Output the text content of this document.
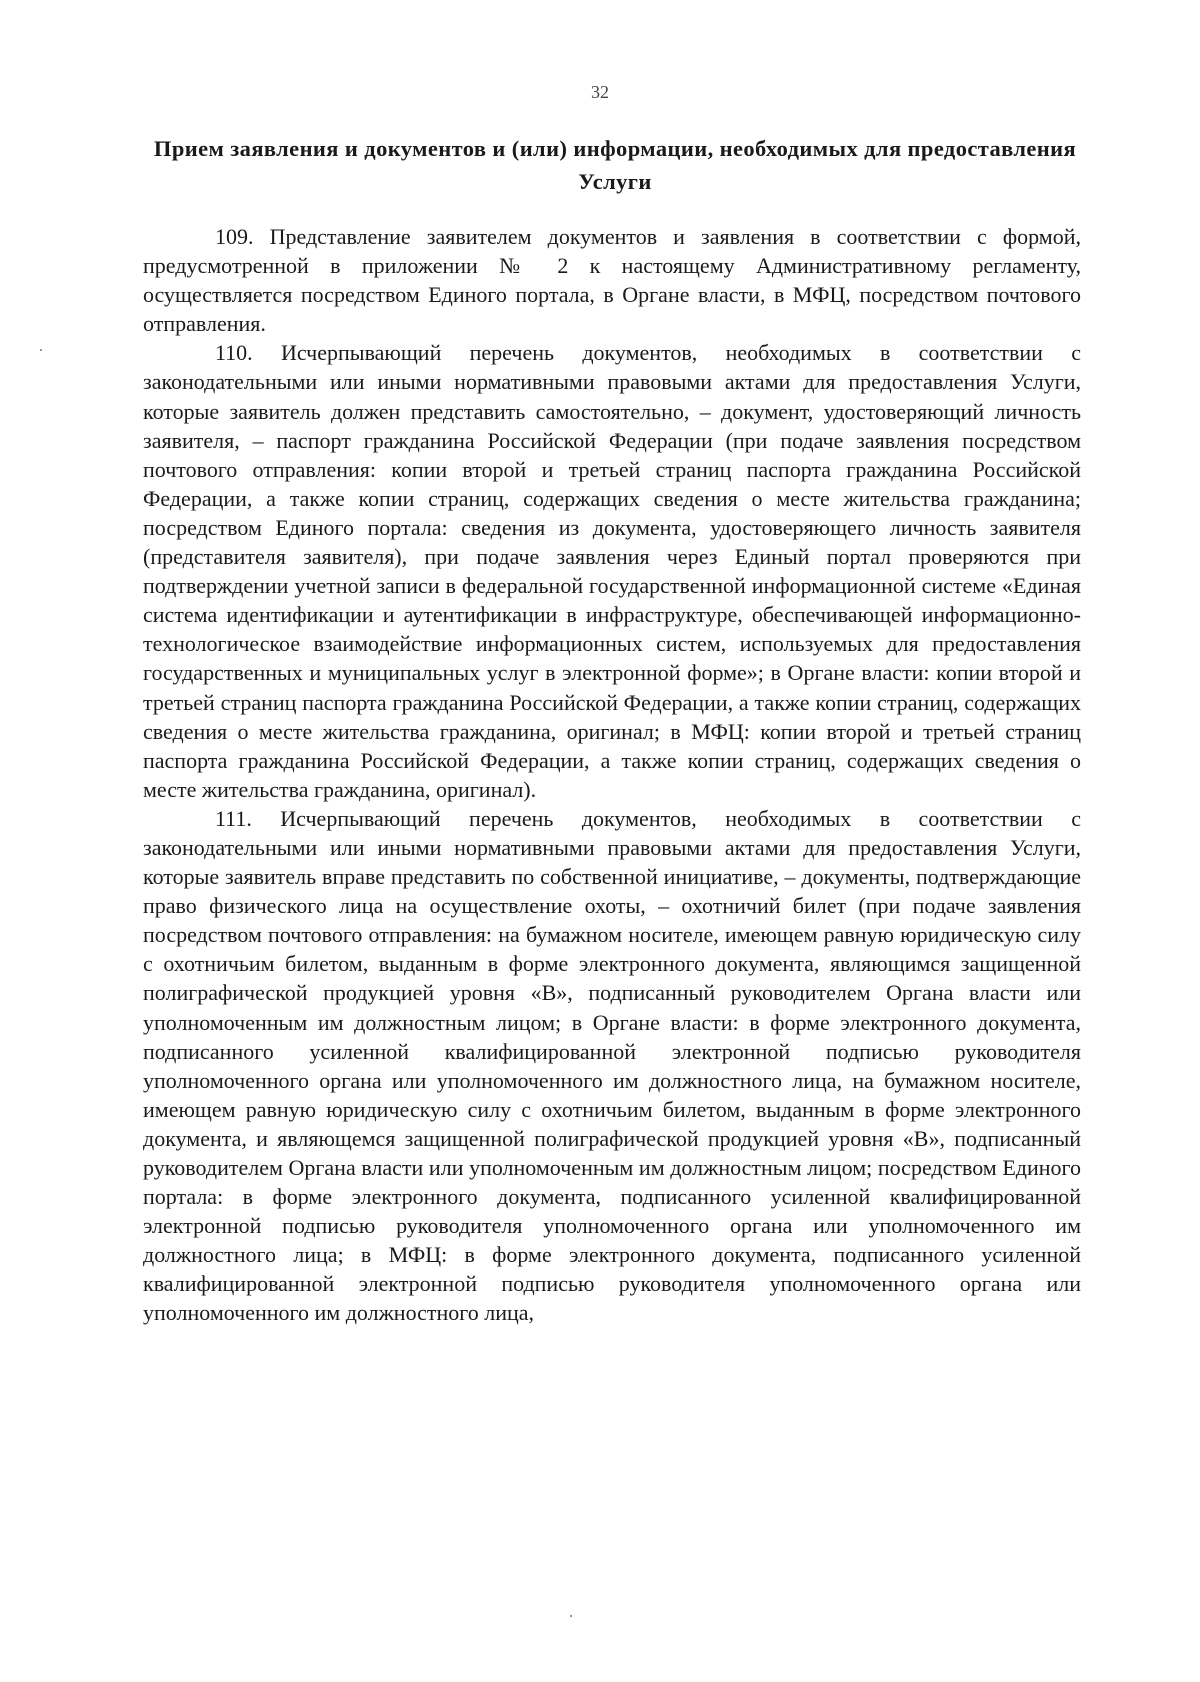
32
Прием заявления и документов и (или) информации, необходимых для предоставления Услуги

109. Представление заявителем документов и заявления в соответствии с формой, предусмотренной в приложении № 2 к настоящему Административному регламенту, осуществляется посредством Единого портала, в Органе власти, в МФЦ, посредством почтового отправления.

110. Исчерпывающий перечень документов, необходимых в соответствии с законодательными или иными нормативными правовыми актами для предоставления Услуги, которые заявитель должен представить самостоятельно, – документ, удостоверяющий личность заявителя, – паспорт гражданина Российской Федерации (при подаче заявления посредством почтового отправления: копии второй и третьей страниц паспорта гражданина Российской Федерации, а также копии страниц, содержащих сведения о месте жительства гражданина; посредством Единого портала: сведения из документа, удостоверяющего личность заявителя (представителя заявителя), при подаче заявления через Единый портал проверяются при подтверждении учетной записи в федеральной государственной информационной системе «Единая система идентификации и аутентификации в инфраструктуре, обеспечивающей информационно-технологическое взаимодействие информационных систем, используемых для предоставления государственных и муниципальных услуг в электронной форме»; в Органе власти: копии второй и третьей страниц паспорта гражданина Российской Федерации, а также копии страниц, содержащих сведения о месте жительства гражданина, оригинал; в МФЦ: копии второй и третьей страниц паспорта гражданина Российской Федерации, а также копии страниц, содержащих сведения о месте жительства гражданина, оригинал).

111. Исчерпывающий перечень документов, необходимых в соответствии с законодательными или иными нормативными правовыми актами для предоставления Услуги, которые заявитель вправе представить по собственной инициативе, – документы, подтверждающие право физического лица на осуществление охоты, – охотничий билет (при подаче заявления посредством почтового отправления: на бумажном носителе, имеющем равную юридическую силу с охотничьим билетом, выданным в форме электронного документа, являющимся защищенной полиграфической продукцией уровня «В», подписанный руководителем Органа власти или уполномоченным им должностным лицом; в Органе власти: в форме электронного документа, подписанного усиленной квалифицированной электронной подписью руководителя уполномоченного органа или уполномоченного им должностного лица, на бумажном носителе, имеющем равную юридическую силу с охотничьим билетом, выданным в форме электронного документа, и являющемся защищенной полиграфической продукцией уровня «В», подписанный руководителем Органа власти или уполномоченным им должностным лицом; посредством Единого портала: в форме электронного документа, подписанного усиленной квалифицированной электронной подписью руководителя уполномоченного органа или уполномоченного им должностного лица; в МФЦ: в форме электронного документа, подписанного усиленной квалифицированной электронной подписью руководителя уполномоченного органа или уполномоченного им должностного лица,
